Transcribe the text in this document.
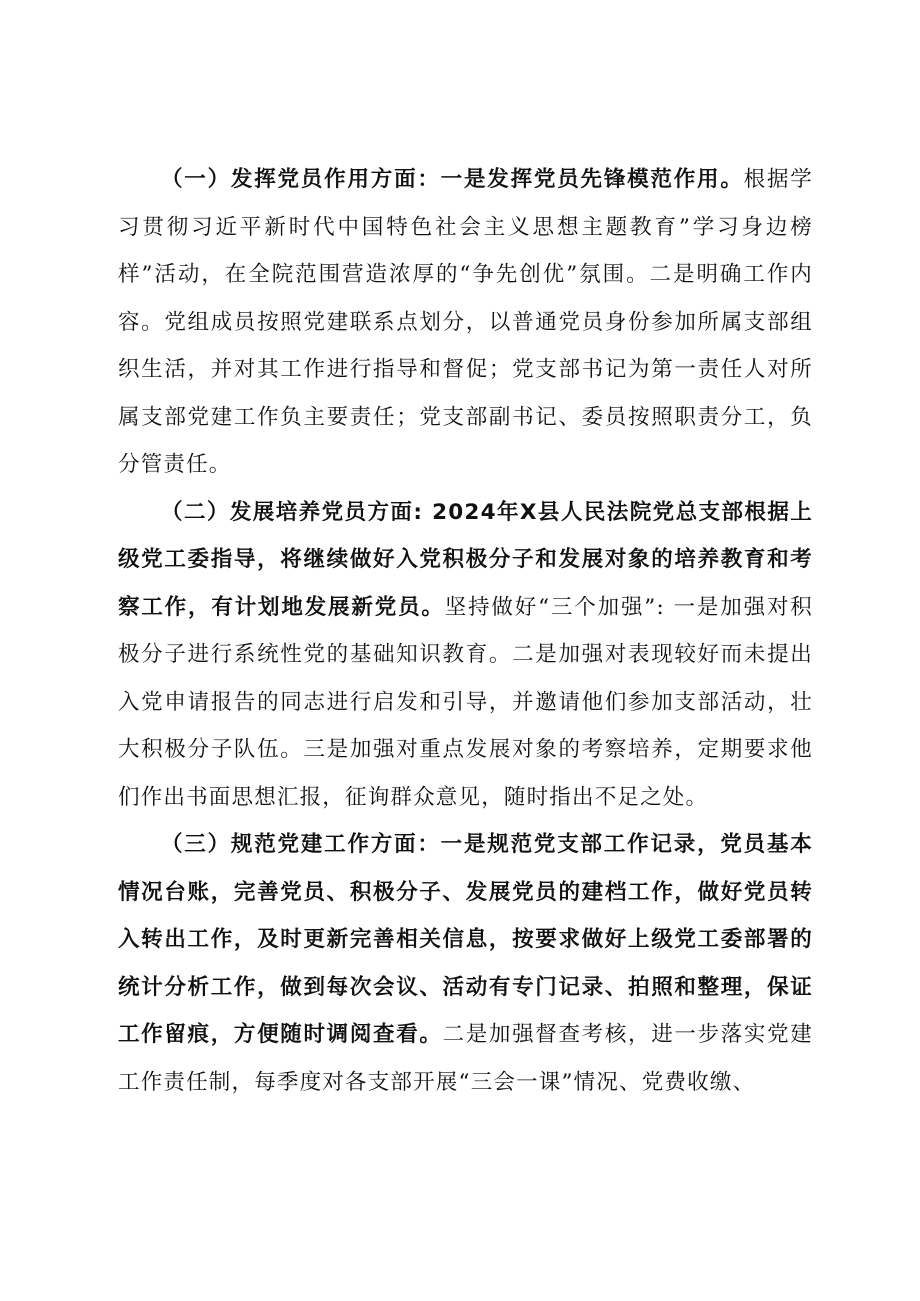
（一）发挥党员作用方面：一是发挥党员先锋模范作用。根据学习贯彻习近平新时代中国特色社会主义思想主题教育”学习身边榜样”活动，在全院范围营造浓厚的“争先创优”氛围。二是明确工作内容。党组成员按照党建联系点划分，以普通党员身份参加所属支部组织生活，并对其工作进行指导和督促；党支部书记为第一责任人对所属支部党建工作负主要责任；党支部副书记、委员按照职责分工，负分管责任。

（二）发展培养党员方面: 2024年X县人民法院党总支部根据上级党工委指导，将继续做好入党积极分子和发展对象的培养教育和考察工作，有计划地发展新党员。坚持做好“三个加强”: 一是加强对积极分子进行系统性党的基础知识教育。二是加强对表现较好而未提出入党申请报告的同志进行启发和引导，并邀请他们参加支部活动，壮大积极分子队伍。三是加强对重点发展对象的考察培养，定期要求他们作出书面思想汇报，征询群众意见，随时指出不足之处。

（三）规范党建工作方面：一是规范党支部工作记录，党员基本情况台账，完善党员、积极分子、发展党员的建档工作，做好党员转入转出工作，及时更新完善相关信息，按要求做好上级党工委部署的统计分析工作，做到每次会议、活动有专门记录、拍照和整理，保证工作留痕，方便随时调阅查看。二是加强督查考核，进一步落实党建工作责任制，每季度对各支部开展“三会一课”情况、党费收缴、
